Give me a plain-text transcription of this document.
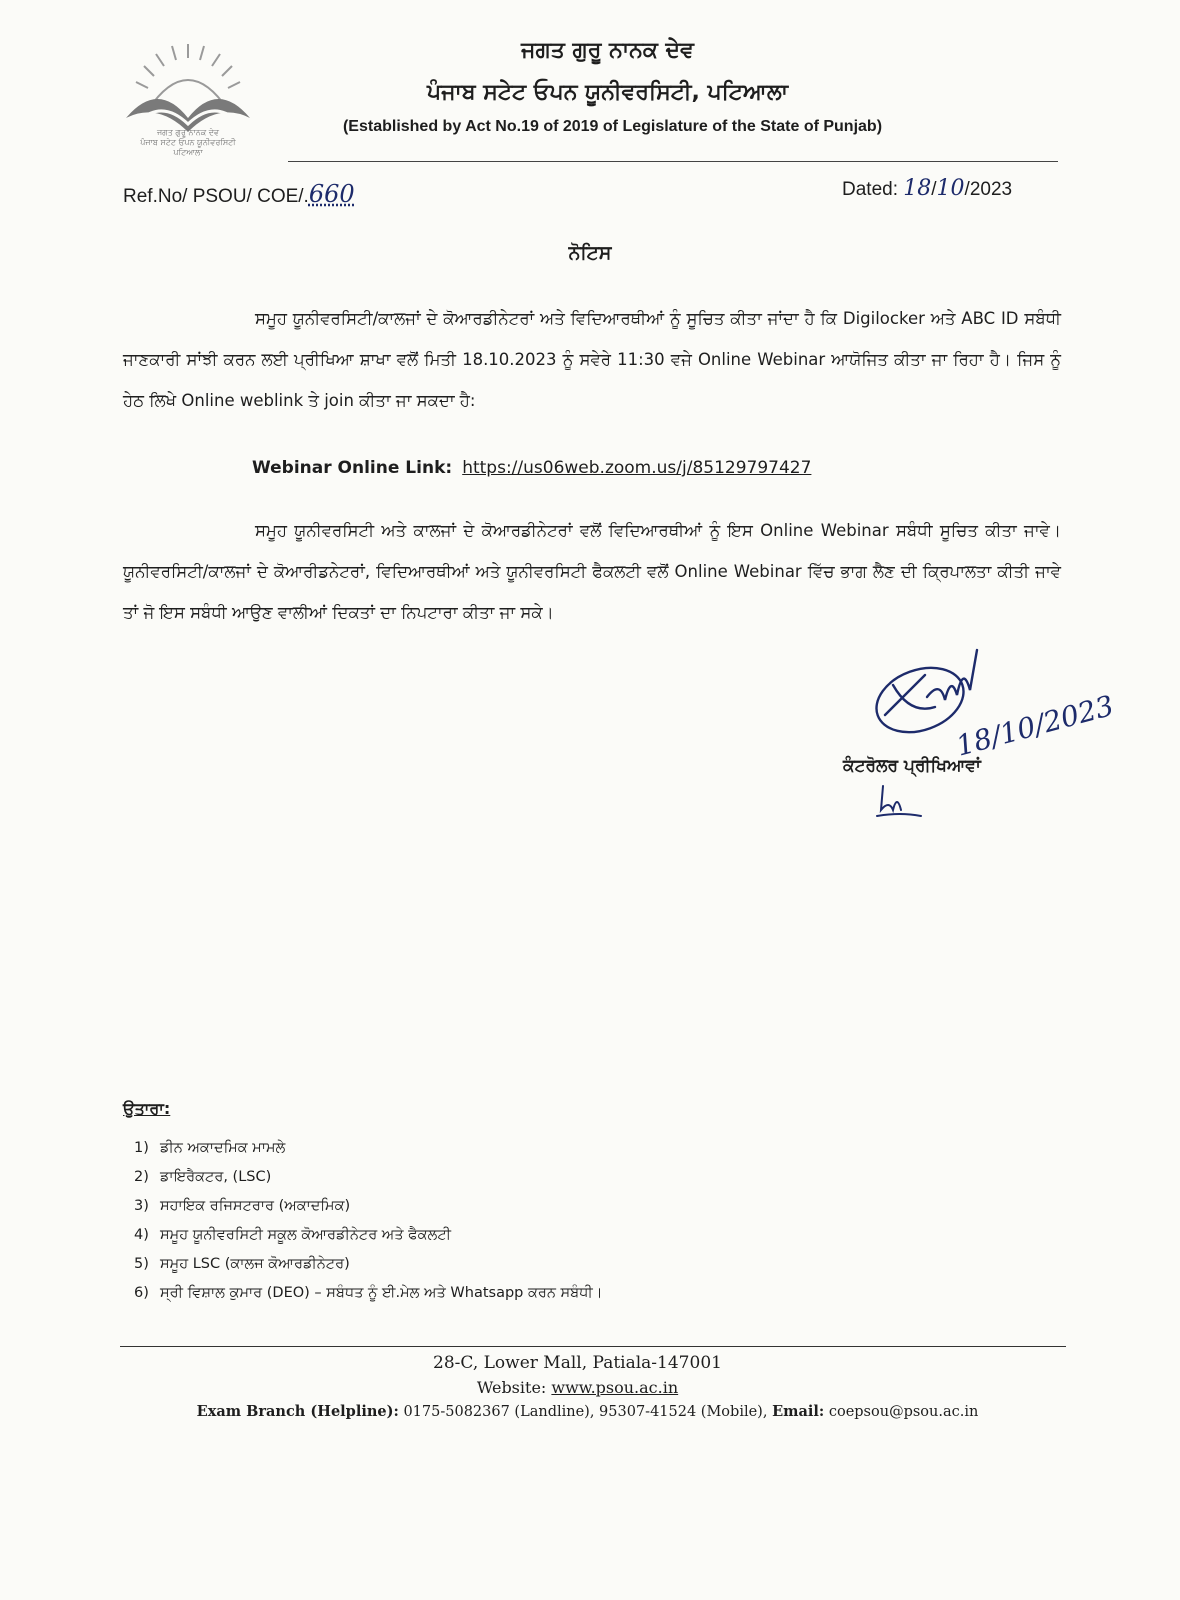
ਜਗਤ ਗੁਰੂ ਨਾਨਕ ਦੇਵ
ਪੰਜਾਬ ਸਟੇਟ ਓਪਨ ਯੂਨੀਵਰਸਿਟੀ
ਪਟਿਆਲਾ
ਜਗਤ ਗੁਰੂ ਨਾਨਕ ਦੇਵ
ਪੰਜਾਬ ਸਟੇਟ ਓਪਨ ਯੂਨੀਵਰਸਿਟੀ, ਪਟਿਆਲਾ
(Established by Act No.19 of 2019 of Legislature of the State of Punjab)
Ref.No/ PSOU/ COE/.660	Dated: 18/10/2023
ਨੋਟਿਸ

ਸਮੂਹ ਯੂਨੀਵਰਸਿਟੀ/ਕਾਲਜਾਂ ਦੇ ਕੋਆਰਡੀਨੇਟਰਾਂ ਅਤੇ ਵਿਦਿਆਰਥੀਆਂ ਨੂੰ ਸੂਚਿਤ ਕੀਤਾ ਜਾਂਦਾ ਹੈ ਕਿ Digilocker ਅਤੇ ABC ID ਸਬੰਧੀ ਜਾਣਕਾਰੀ ਸਾਂਝੀ ਕਰਨ ਲਈ ਪ੍ਰੀਖਿਆ ਸ਼ਾਖਾ ਵਲੋਂ ਮਿਤੀ 18.10.2023 ਨੂੰ ਸਵੇਰੇ 11:30 ਵਜੇ Online Webinar ਆਯੋਜਿਤ ਕੀਤਾ ਜਾ ਰਿਹਾ ਹੈ। ਜਿਸ ਨੂੰ ਹੇਠ ਲਿਖੇ Online weblink ਤੇ join ਕੀਤਾ ਜਾ ਸਕਦਾ ਹੈ:

Webinar Online Link: https://us06web.zoom.us/j/85129797427

ਸਮੂਹ ਯੂਨੀਵਰਸਿਟੀ ਅਤੇ ਕਾਲਜਾਂ ਦੇ ਕੋਆਰਡੀਨੇਟਰਾਂ ਵਲੋਂ ਵਿਦਿਆਰਥੀਆਂ ਨੂੰ ਇਸ Online Webinar ਸਬੰਧੀ ਸੂਚਿਤ ਕੀਤਾ ਜਾਵੇ। ਯੂਨੀਵਰਸਿਟੀ/ਕਾਲਜਾਂ ਦੇ ਕੋਆਰੀਡਨੇਟਰਾਂ, ਵਿਦਿਆਰਥੀਆਂ ਅਤੇ ਯੂਨੀਵਰਸਿਟੀ ਫੈਕਲਟੀ ਵਲੋਂ Online Webinar ਵਿੱਚ ਭਾਗ ਲੈਣ ਦੀ ਕ੍ਰਿਪਾਲਤਾ ਕੀਤੀ ਜਾਵੇ ਤਾਂ ਜੋ ਇਸ ਸਬੰਧੀ ਆਉਣ ਵਾਲੀਆਂ ਦਿਕਤਾਂ ਦਾ ਨਿਪਟਾਰਾ ਕੀਤਾ ਜਾ ਸਕੇ।

18/10/2023
ਕੰਟਰੋਲਰ ਪ੍ਰੀਖਿਆਵਾਂ
ਉਤਾਰਾ:
1) ਡੀਨ ਅਕਾਦਮਿਕ ਮਾਮਲੇ
2) ਡਾਇਰੈਕਟਰ, (LSC)
3) ਸਹਾਇਕ ਰਜਿਸਟਰਾਰ (ਅਕਾਦਮਿਕ)
4) ਸਮੂਹ ਯੂਨੀਵਰਸਿਟੀ ਸਕੂਲ ਕੋਆਰਡੀਨੇਟਰ ਅਤੇ ਫੈਕਲਟੀ
5) ਸਮੂਹ LSC (ਕਾਲਜ ਕੋਆਰਡੀਨੇਟਰ)
6) ਸ੍ਰੀ ਵਿਸ਼ਾਲ ਕੁਮਾਰ (DEO) – ਸਬੰਧਤ ਨੂੰ ਈ.ਮੇਲ ਅਤੇ Whatsapp ਕਰਨ ਸਬੰਧੀ।
28-C, Lower Mall, Patiala-147001
Website: www.psou.ac.in
Exam Branch (Helpline): 0175-5082367 (Landline), 95307-41524 (Mobile), Email: coepsou@psou.ac.in
